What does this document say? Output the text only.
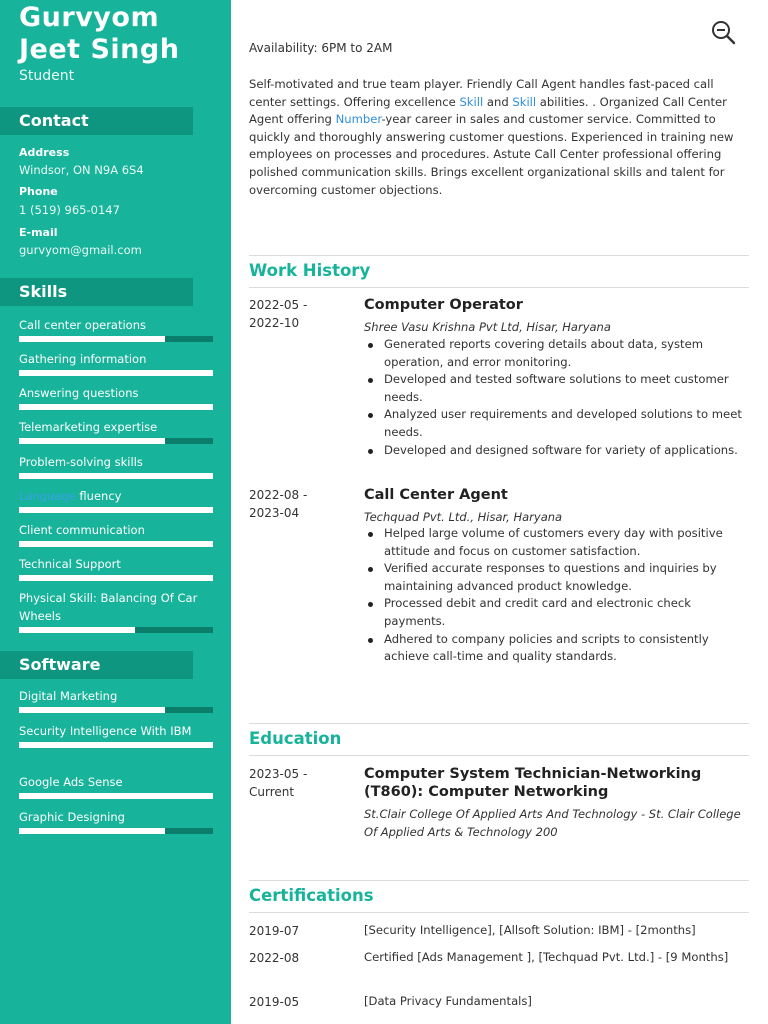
Gurvyom
Jeet Singh
Student
Contact
Address
Windsor, ON N9A 6S4
Phone
1 (519) 965-0147
E-mail
gurvyom@gmail.com
Skills
Call center operations
Gathering information
Answering questions
Telemarketing expertise
Problem-solving skills
Language fluency
Client communication
Technical Support
Physical Skill: Balancing Of Car Wheels
Software
Digital Marketing
Security Intelligence With IBM
Google Ads Sense
Graphic Designing
Availability: 6PM to 2AM
Self-motivated and true team player. Friendly Call Agent handles fast-paced call center settings. Offering excellence Skill and Skill abilities. . Organized Call Center Agent offering Number-year career in sales and customer service. Committed to quickly and thoroughly answering customer questions. Experienced in training new employees on processes and procedures. Astute Call Center professional offering polished communication skills. Brings excellent organizational skills and talent for overcoming customer objections.
Work History
2022-05 -
2022-10
Computer Operator
Shree Vasu Krishna Pvt Ltd, Hisar, Haryana
Generated reports covering details about data, system operation, and error monitoring.
Developed and tested software solutions to meet customer needs.
Analyzed user requirements and developed solutions to meet needs.
Developed and designed software for variety of applications.
2022-08 -
2023-04
Call Center Agent
Techquad Pvt. Ltd., Hisar, Haryana
Helped large volume of customers every day with positive attitude and focus on customer satisfaction.
Verified accurate responses to questions and inquiries by maintaining advanced product knowledge.
Processed debit and credit card and electronic check payments.
Adhered to company policies and scripts to consistently achieve call-time and quality standards.
Education
2023-05 -
Current
Computer System Technician-Networking (T860): Computer Networking
St.Clair College Of Applied Arts And Technology - St. Clair College Of Applied Arts & Technology 200
Certifications
2019-07	[Security Intelligence], [Allsoft Solution: IBM] - [2months]
2022-08	Certified [Ads Management ], [Techquad Pvt. Ltd.] - [9 Months]
2019-05	[Data Privacy Fundamentals]
